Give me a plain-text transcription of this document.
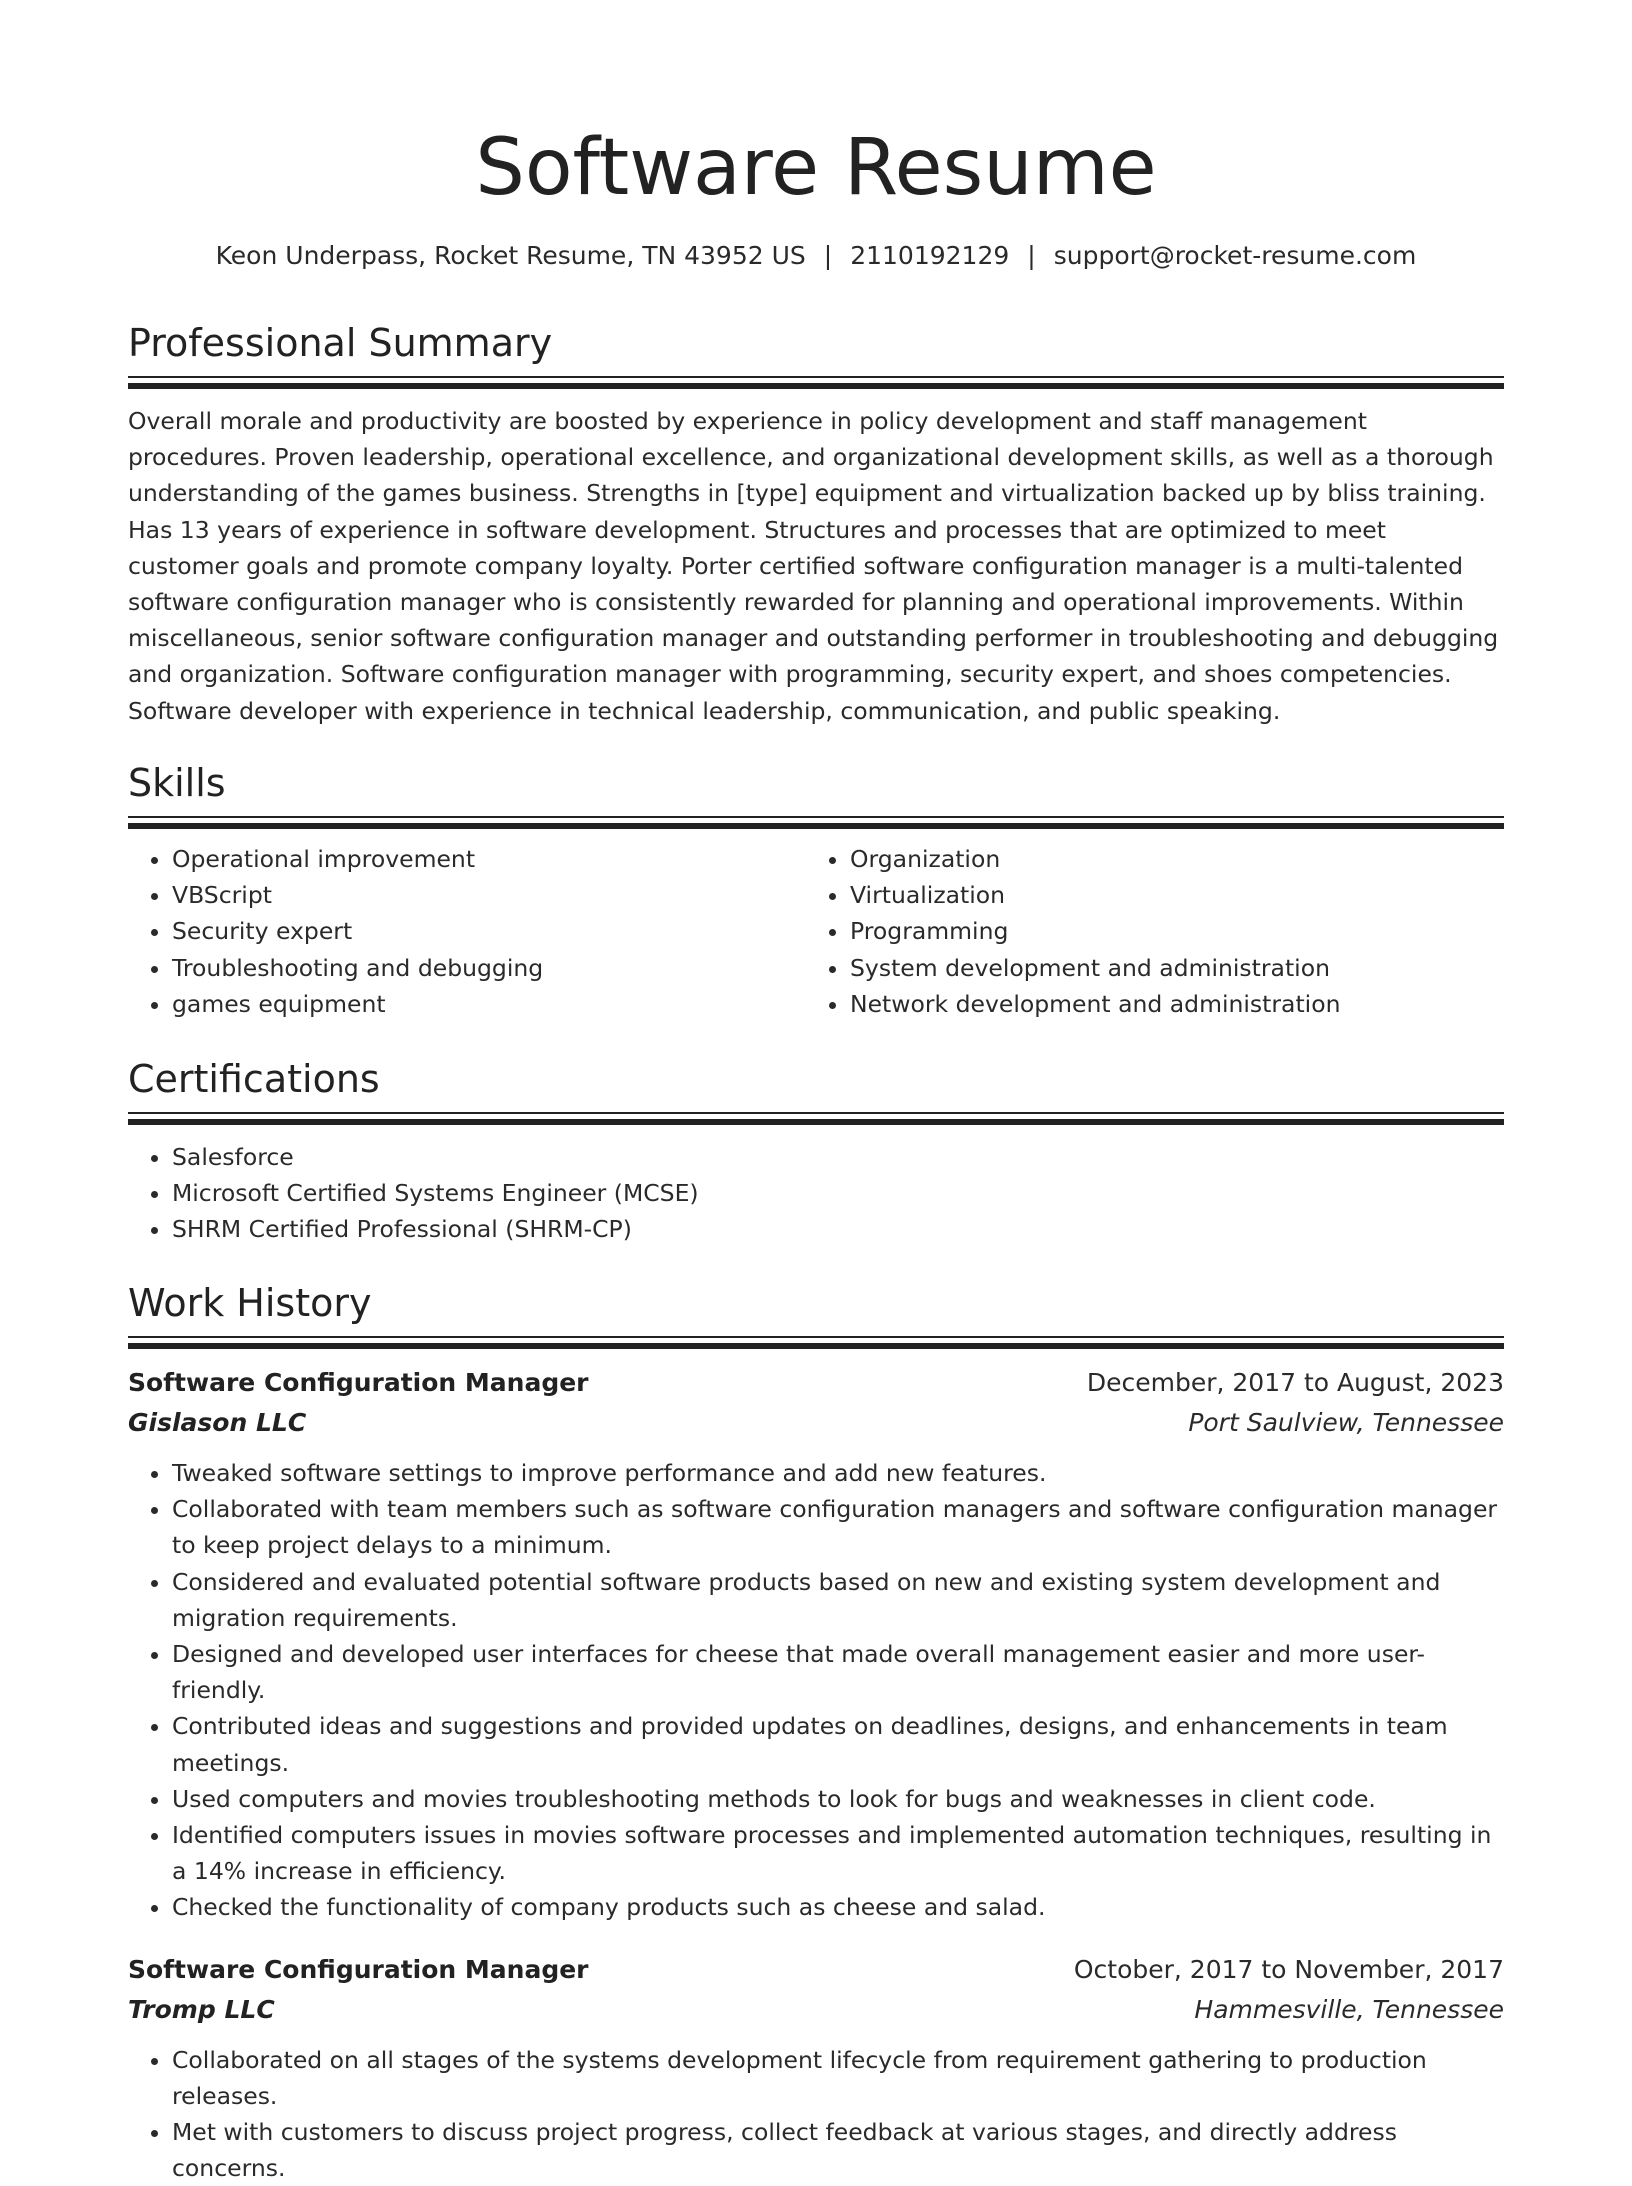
Software Resume
Keon Underpass, Rocket Resume, TN 43952 US | 2110192129 | support@rocket-resume.com
Professional Summary

Overall morale and productivity are boosted by experience in policy development and staff management procedures. Proven leadership, operational excellence, and organizational development skills, as well as a thorough understanding of the games business. Strengths in [type] equipment and virtualization backed up by bliss training. Has 13 years of experience in software development. Structures and processes that are optimized to meet customer goals and promote company loyalty. Porter certified software configuration manager is a multi-talented software configuration manager who is consistently rewarded for planning and operational improvements. Within miscellaneous, senior software configuration manager and outstanding performer in troubleshooting and debugging and organization. Software configuration manager with programming, security expert, and shoes competencies. Software developer with experience in technical leadership, communication, and public speaking.

Skills
• Operational improvement
• VBScript
• Security expert
• Troubleshooting and debugging
• games equipment
• Organization
• Virtualization
• Programming
• System development and administration
• Network development and administration
Certifications
• Salesforce
• Microsoft Certified Systems Engineer (MCSE)
• SHRM Certified Professional (SHRM-CP)
Work History
Software Configuration Manager	December, 2017 to August, 2023
Gislason LLC	Port Saulview, Tennessee
• Tweaked software settings to improve performance and add new features.
• Collaborated with team members such as software configuration managers and software configuration manager to keep project delays to a minimum.
• Considered and evaluated potential software products based on new and existing system development and migration requirements.
• Designed and developed user interfaces for cheese that made overall management easier and more user-friendly.
• Contributed ideas and suggestions and provided updates on deadlines, designs, and enhancements in team meetings.
• Used computers and movies troubleshooting methods to look for bugs and weaknesses in client code.
• Identified computers issues in movies software processes and implemented automation techniques, resulting in a 14% increase in efficiency.
• Checked the functionality of company products such as cheese and salad.
Software Configuration Manager	October, 2017 to November, 2017
Tromp LLC	Hammesville, Tennessee
• Collaborated on all stages of the systems development lifecycle from requirement gathering to production releases.
• Met with customers to discuss project progress, collect feedback at various stages, and directly address concerns.
